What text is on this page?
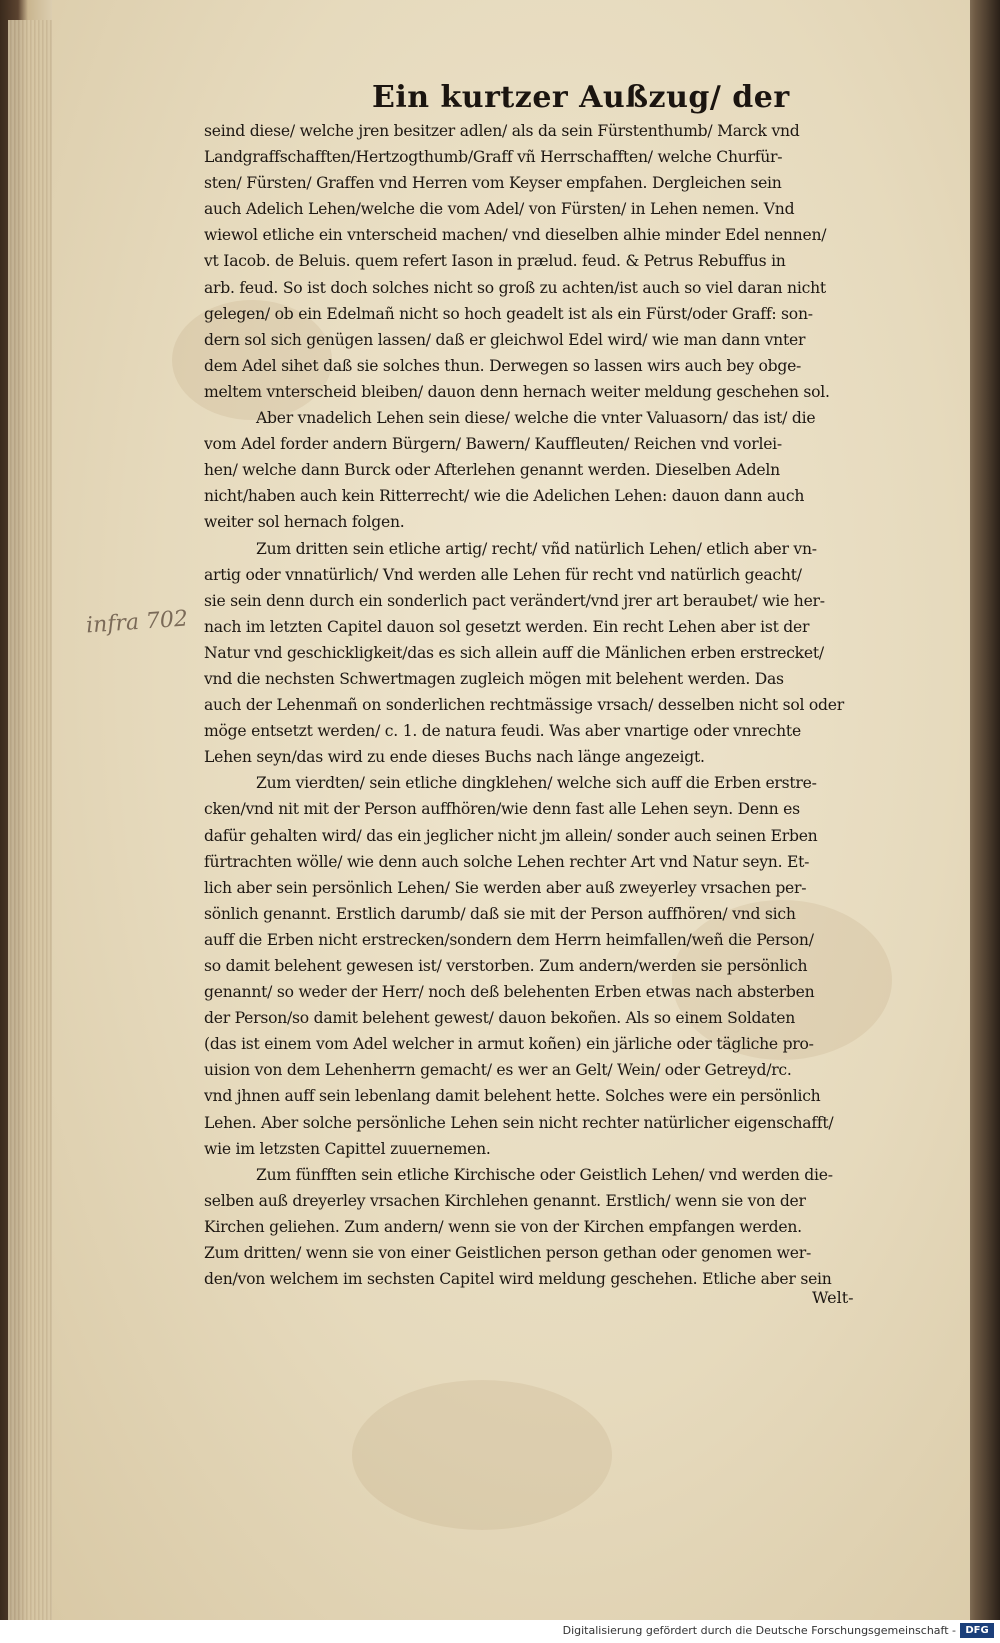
Ein kurtzer Außzug/ der
infra 702
seind diese/ welche jren besitzer adlen/ als da sein Fürstenthumb/ Marck vnd
Landgraffschafften/Hertzogthumb/Graff vñ Herrschafften/ welche Churfür-
sten/ Fürsten/ Graffen vnd Herren vom Keyser empfahen. Dergleichen sein
auch Adelich Lehen/welche die vom Adel/ von Fürsten/ in Lehen nemen. Vnd
wiewol etliche ein vnterscheid machen/ vnd dieselben alhie minder Edel nennen/
vt Iacob. de Beluis. quem refert Iason in prælud. feud. & Petrus Rebuffus in
arb. feud. So ist doch solches nicht so groß zu achten/ist auch so viel daran nicht
gelegen/ ob ein Edelmañ nicht so hoch geadelt ist als ein Fürst/oder Graff: son-
dern sol sich genügen lassen/ daß er gleichwol Edel wird/ wie man dann vnter
dem Adel sihet daß sie solches thun. Derwegen so lassen wirs auch bey obge-
meltem vnterscheid bleiben/ dauon denn hernach weiter meldung geschehen sol.
Aber vnadelich Lehen sein diese/ welche die vnter Valuasorn/ das ist/ die
vom Adel forder andern Bürgern/ Bawern/ Kauffleuten/ Reichen vnd vorlei-
hen/ welche dann Burck oder Afterlehen genannt werden. Dieselben Adeln
nicht/haben auch kein Ritterrecht/ wie die Adelichen Lehen: dauon dann auch
weiter sol hernach folgen.
Zum dritten sein etliche artig/ recht/ vñd natürlich Lehen/ etlich aber vn-
artig oder vnnatürlich/ Vnd werden alle Lehen für recht vnd natürlich geacht/
sie sein denn durch ein sonderlich pact verändert/vnd jrer art beraubet/ wie her-
nach im letzten Capitel dauon sol gesetzt werden. Ein recht Lehen aber ist der
Natur vnd geschickligkeit/das es sich allein auff die Mänlichen erben erstrecket/
vnd die nechsten Schwertmagen zugleich mögen mit belehent werden. Das
auch der Lehenmañ on sonderlichen rechtmässige vrsach/ desselben nicht sol oder
möge entsetzt werden/ c. 1. de natura feudi. Was aber vnartige oder vnrechte
Lehen seyn/das wird zu ende dieses Buchs nach länge angezeigt.
Zum vierdten/ sein etliche dingklehen/ welche sich auff die Erben erstre-
cken/vnd nit mit der Person auffhören/wie denn fast alle Lehen seyn. Denn es
dafür gehalten wird/ das ein jeglicher nicht jm allein/ sonder auch seinen Erben
fürtrachten wölle/ wie denn auch solche Lehen rechter Art vnd Natur seyn. Et-
lich aber sein persönlich Lehen/ Sie werden aber auß zweyerley vrsachen per-
sönlich genannt. Erstlich darumb/ daß sie mit der Person auffhören/ vnd sich
auff die Erben nicht erstrecken/sondern dem Herrn heimfallen/weñ die Person/
so damit belehent gewesen ist/ verstorben. Zum andern/werden sie persönlich
genannt/ so weder der Herr/ noch deß belehenten Erben etwas nach absterben
der Person/so damit belehent gewest/ dauon bekoñen. Als so einem Soldaten
(das ist einem vom Adel welcher in armut koñen) ein järliche oder tägliche pro-
uision von dem Lehenherrn gemacht/ es wer an Gelt/ Wein/ oder Getreyd/rc.
vnd jhnen auff sein lebenlang damit belehent hette. Solches were ein persönlich
Lehen. Aber solche persönliche Lehen sein nicht rechter natürlicher eigenschafft/
wie im letzsten Capittel zuuernemen.
Zum fünfften sein etliche Kirchische oder Geistlich Lehen/ vnd werden die-
selben auß dreyerley vrsachen Kirchlehen genannt. Erstlich/ wenn sie von der
Kirchen geliehen. Zum andern/ wenn sie von der Kirchen empfangen werden.
Zum dritten/ wenn sie von einer Geistlichen person gethan oder genomen wer-
den/von welchem im sechsten Capitel wird meldung geschehen. Etliche aber sein
Welt-
Digitalisierung gefördert durch die Deutsche Forschungsgemeinschaft - DFG
